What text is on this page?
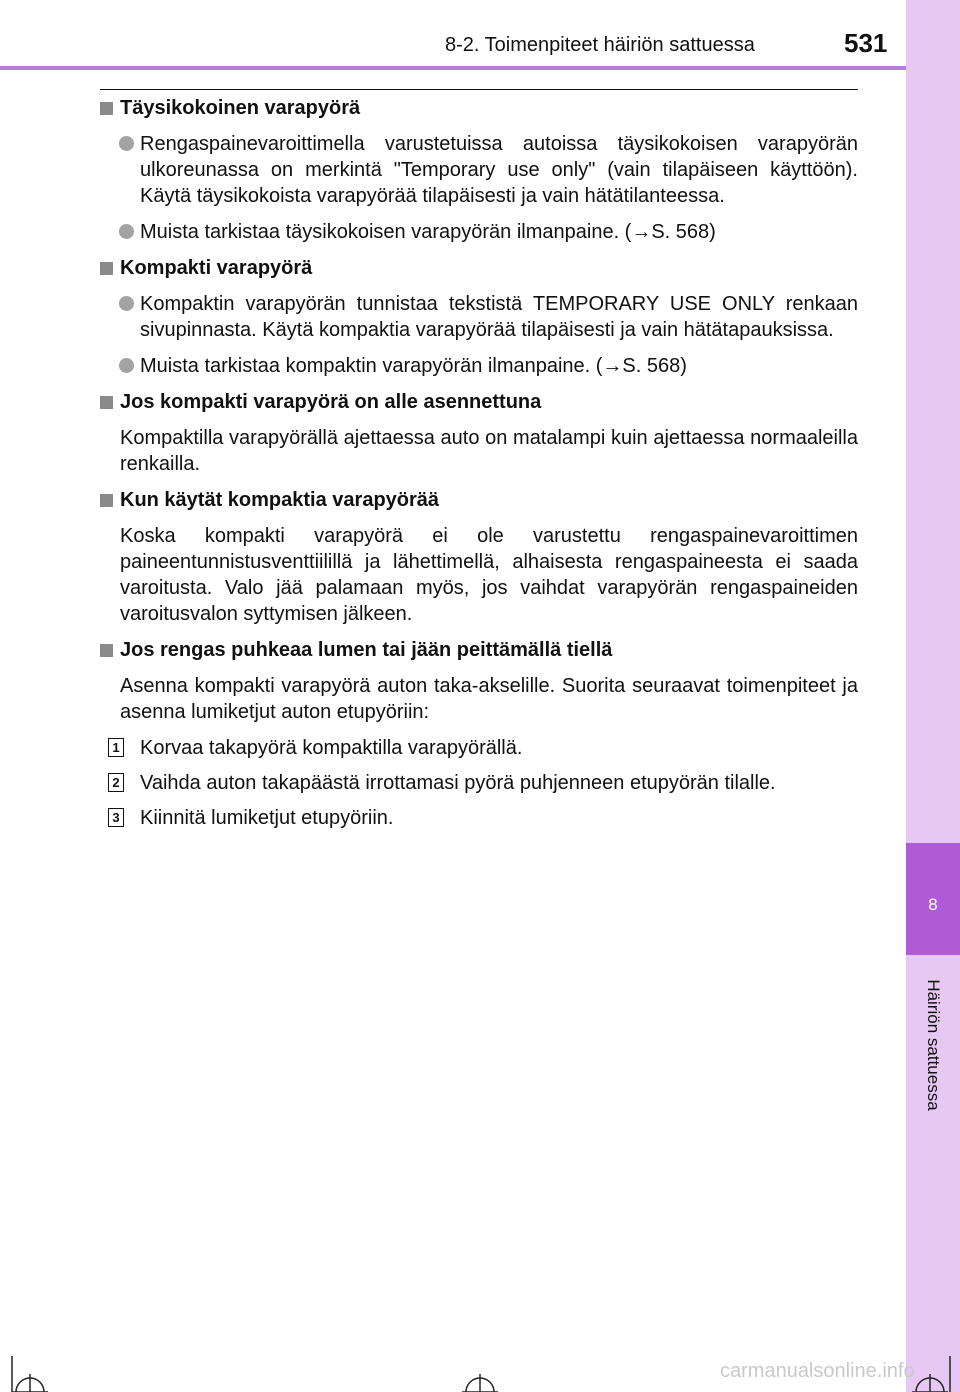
8-2. Toimenpiteet häiriön sattuessa	531
8
Häiriön sattuessa
Täysikokoinen varapyörä
Rengaspainevaroittimella varustetuissa autoissa täysikokoisen varapyörän ulkoreunassa on merkintä "Temporary use only" (vain tilapäiseen käyttöön). Käytä täysikokoista varapyörää tilapäisesti ja vain hätätilanteessa.
Muista tarkistaa täysikokoisen varapyörän ilmanpaine. (→S. 568)
Kompakti varapyörä
Kompaktin varapyörän tunnistaa tekstistä TEMPORARY USE ONLY renkaan sivupinnasta. Käytä kompaktia varapyörää tilapäisesti ja vain hätätapauksissa.
Muista tarkistaa kompaktin varapyörän ilmanpaine. (→S. 568)
Jos kompakti varapyörä on alle asennettuna
Kompaktilla varapyörällä ajettaessa auto on matalampi kuin ajettaessa normaaleilla renkailla.
Kun käytät kompaktia varapyörää
Koska kompakti varapyörä ei ole varustettu rengaspainevaroittimen paineentunnistusventtiilillä ja lähettimellä, alhaisesta rengaspaineesta ei saada varoitusta. Valo jää palamaan myös, jos vaihdat varapyörän rengaspaineiden varoitusvalon syttymisen jälkeen.
Jos rengas puhkeaa lumen tai jään peittämällä tiellä
Asenna kompakti varapyörä auton taka-akselille. Suorita seuraavat toimenpiteet ja asenna lumiketjut auton etupyöriin:
1 Korvaa takapyörä kompaktilla varapyörällä.
2 Vaihda auton takapäästä irrottamasi pyörä puhjenneen etupyörän tilalle.
3 Kiinnitä lumiketjut etupyöriin.
carmanualsonline.info
